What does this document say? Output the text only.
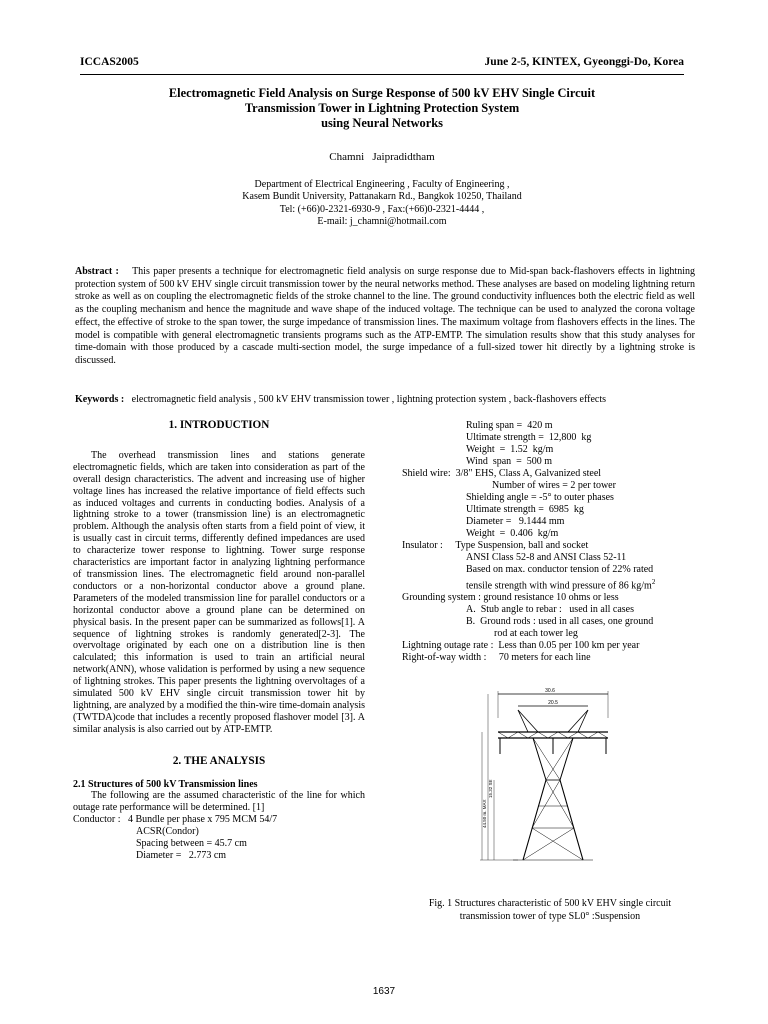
ICCAS2005	June 2-5, KINTEX, Gyeonggi-Do, Korea
Electromagnetic Field Analysis on Surge Response of 500 kV EHV Single Circuit
Transmission Tower in Lightning Protection System
using Neural Networks
Chamni   Jaipradidtham
Department of Electrical Engineering , Faculty of Engineering ,
Kasem Bundit University, Pattanakarn Rd., Bangkok 10250, Thailand
Tel: (+66)0-2321-6930-9 , Fax:(+66)0-2321-4444 ,
E-mail: j_chamni@hotmail.com
Abstract : This paper presents a technique for electromagnetic field analysis on surge response due to Mid-span back-flashovers effects in lightning protection system of 500 kV EHV single circuit transmission tower by the neural networks method. These analyses are based on modeling lightning return stroke as well as on coupling the electromagnetic fields of the stroke channel to the line. The ground conductivity influences both the electric field as well as the coupling mechanism and hence the magnitude and wave shape of the induced voltage. The technique can be used to analyzed the corona voltage effect, the effective of stroke to the span tower, the surge impedance of transmission lines. The maximum voltage from flashovers effects in the lines. The model is compatible with general electromagnetic transients programs such as the ATP-EMTP. The simulation results show that this study analyses for time-domain with those produced by a cascade multi-section model, the surge impedance of a full-sized tower hit directly by a lightning stroke is discussed.
Keywords : electromagnetic field analysis , 500 kV EHV transmission tower , lightning protection system , back-flashovers effects
1. INTRODUCTION

The overhead transmission lines and stations generate electromagnetic fields, which are taken into consideration as part of the overall design characteristics. The advent and increasing use of higher voltage lines has increased the relative importance of field effects such as induced voltages and currents in conducting bodies. Analysis of a lightning stroke to a tower (transmission line) is an electromagnetic problem. Although the analysis often starts from a field point of view, it is usually cast in circuit terms, differently defined impedances are used to characterize tower response to lightning. Tower surge response characteristics are important factor in analyzing lightning performance of transmission lines. The electromagnetic field around non-parallel conductors or a non-horizontal conductor above a ground plane. Parameters of the modeled transmission line for parallel conductors or a horizontal conductor above a ground plane can be determined on physical basis. In the present paper can be summarized as follows[1]. A sequence of lightning strokes is randomly generated[2-3]. The overvoltage originated by each one on a distribution line is then calculated; this information is used to train an artificial neural network(ANN), whose validation is performed by using a new sequence of lightning strokes. This paper presents the lightning overvoltages of a simulated 500 kV EHV single circuit transmission tower hit by lightning, are analyzed by a modified the thin-wire time-domain analysis (TWTDA)code that includes a recently proposed flashover model [3]. A similar analysis is also carried out by ATP-EMTP.

2. THE ANALYSIS

2.1 Structures of 500 kV Transmission lines

The following are the assumed characteristic of the line for which outage rate performance will be determined. [1]

Conductor : 4 Bundle per phase x 795 MCM 54/7
ACSR(Condor)
Spacing between = 45.7 cm
Diameter =   2.773 cm
Ruling span =  420 m
Ultimate strength =  12,800  kg
Weight  =  1.52  kg/m
Wind  span  =  500 m
Shield wire: 3/8" EHS, Class A, Galvanized steel
Number of wires = 2 per tower
Shielding angle = -5° to outer phases
Ultimate strength =  6985  kg
Diameter =   9.1444 mm
Weight  =  0.406  kg/m
Insulator : Type Suspension, ball and socket
ANSI Class 52-8 and ANSI Class 52-11
Based on max. conductor tension of 22% rated
tensile strength with wind pressure of 86 $kg/m^2$
Grounding system : ground resistance 10 ohms or less
A.  Stub angle to rebar :   used in all cases
B.  Ground rods : used in all cases, one ground
rod at each tower leg
Lightning outage rate :  Less than 0.05 per 100 km per year
Right-of-way width :     70 meters for each line
30.6
20.5
44.50 m. MAX
15.32 SE
Fig. 1 Structures characteristic of 500 kV EHV single circuit
transmission tower of type SL0° :Suspension
1637
